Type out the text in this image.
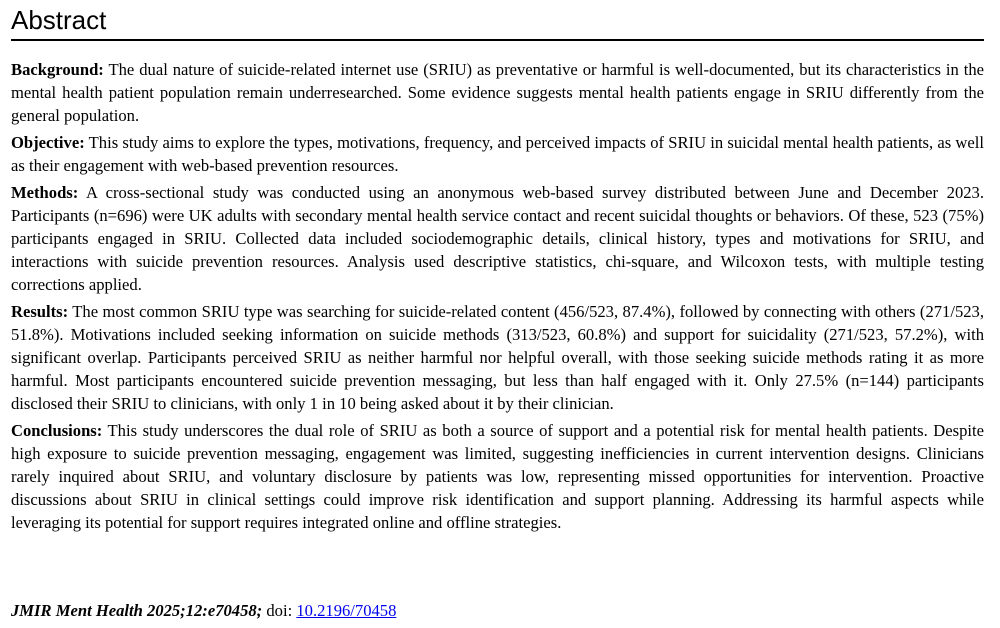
Abstract

Background: The dual nature of suicide-related internet use (SRIU) as preventative or harmful is well-documented, but its characteristics in the mental health patient population remain underresearched. Some evidence suggests mental health patients engage in SRIU differently from the general population.

Objective: This study aims to explore the types, motivations, frequency, and perceived impacts of SRIU in suicidal mental health patients, as well as their engagement with web-based prevention resources.

Methods: A cross-sectional study was conducted using an anonymous web-based survey distributed between June and December 2023. Participants (n=696) were UK adults with secondary mental health service contact and recent suicidal thoughts or behaviors. Of these, 523 (75%) participants engaged in SRIU. Collected data included sociodemographic details, clinical history, types and motivations for SRIU, and interactions with suicide prevention resources. Analysis used descriptive statistics, chi-square, and Wilcoxon tests, with multiple testing corrections applied.

Results: The most common SRIU type was searching for suicide-related content (456/523, 87.4%), followed by connecting with others (271/523, 51.8%). Motivations included seeking information on suicide methods (313/523, 60.8%) and support for suicidality (271/523, 57.2%), with significant overlap. Participants perceived SRIU as neither harmful nor helpful overall, with those seeking suicide methods rating it as more harmful. Most participants encountered suicide prevention messaging, but less than half engaged with it. Only 27.5% (n=144) participants disclosed their SRIU to clinicians, with only 1 in 10 being asked about it by their clinician.

Conclusions: This study underscores the dual role of SRIU as both a source of support and a potential risk for mental health patients. Despite high exposure to suicide prevention messaging, engagement was limited, suggesting inefficiencies in current intervention designs. Clinicians rarely inquired about SRIU, and voluntary disclosure by patients was low, representing missed opportunities for intervention. Proactive discussions about SRIU in clinical settings could improve risk identification and support planning. Addressing its harmful aspects while leveraging its potential for support requires integrated online and offline strategies.

JMIR Ment Health 2025;12:e70458; doi: 10.2196/70458
